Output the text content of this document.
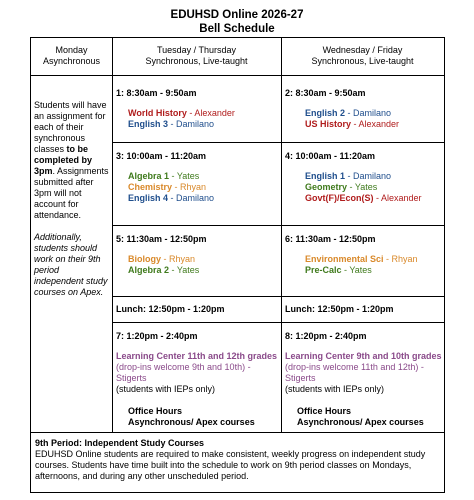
EDUHSD Online 2026-27
Bell Schedule
Monday
Asynchronous
Tuesday / Thursday
Synchronous, Live-taught
Wednesday / Friday
Synchronous, Live-taught
Students will have an assignment for each of their synchronous classes to be completed by 3pm. Assignments submitted after 3pm will not account for attendance.
Additionally, students should work on their 9th period independent study courses on Apex.
1: 8:30am - 9:50am
World History - Alexander
English 3 - Damilano
3: 10:00am - 11:20am
Algebra 1 - Yates
Chemistry - Rhyan
English 4 - Damilano
5: 11:30am - 12:50pm
Biology - Rhyan
Algebra 2 - Yates
Lunch: 12:50pm - 1:20pm
7: 1:20pm - 2:40pm
Learning Center 11th and 12th grades (drop-ins welcome 9th and 10th) - Stigerts
(students with IEPs only)
Office Hours
Asynchronous/ Apex courses
2: 8:30am - 9:50am
English 2 - Damilano
US History - Alexander
4: 10:00am - 11:20am
English 1 - Damilano
Geometry - Yates
Govt(F)/Econ(S) - Alexander
6: 11:30am - 12:50pm
Environmental Sci - Rhyan
Pre-Calc - Yates
Lunch: 12:50pm - 1:20pm
8: 1:20pm - 2:40pm
Learning Center 9th and 10th grades (drop-ins welcome 11th and 12th) - Stigerts
(students with IEPs only)
Office Hours
Asynchronous/ Apex courses
9th Period: Independent Study Courses
EDUHSD Online students are required to make consistent, weekly progress on independent study courses. Students have time built into the schedule to work on 9th period classes on Mondays, afternoons, and during any other unscheduled period.
